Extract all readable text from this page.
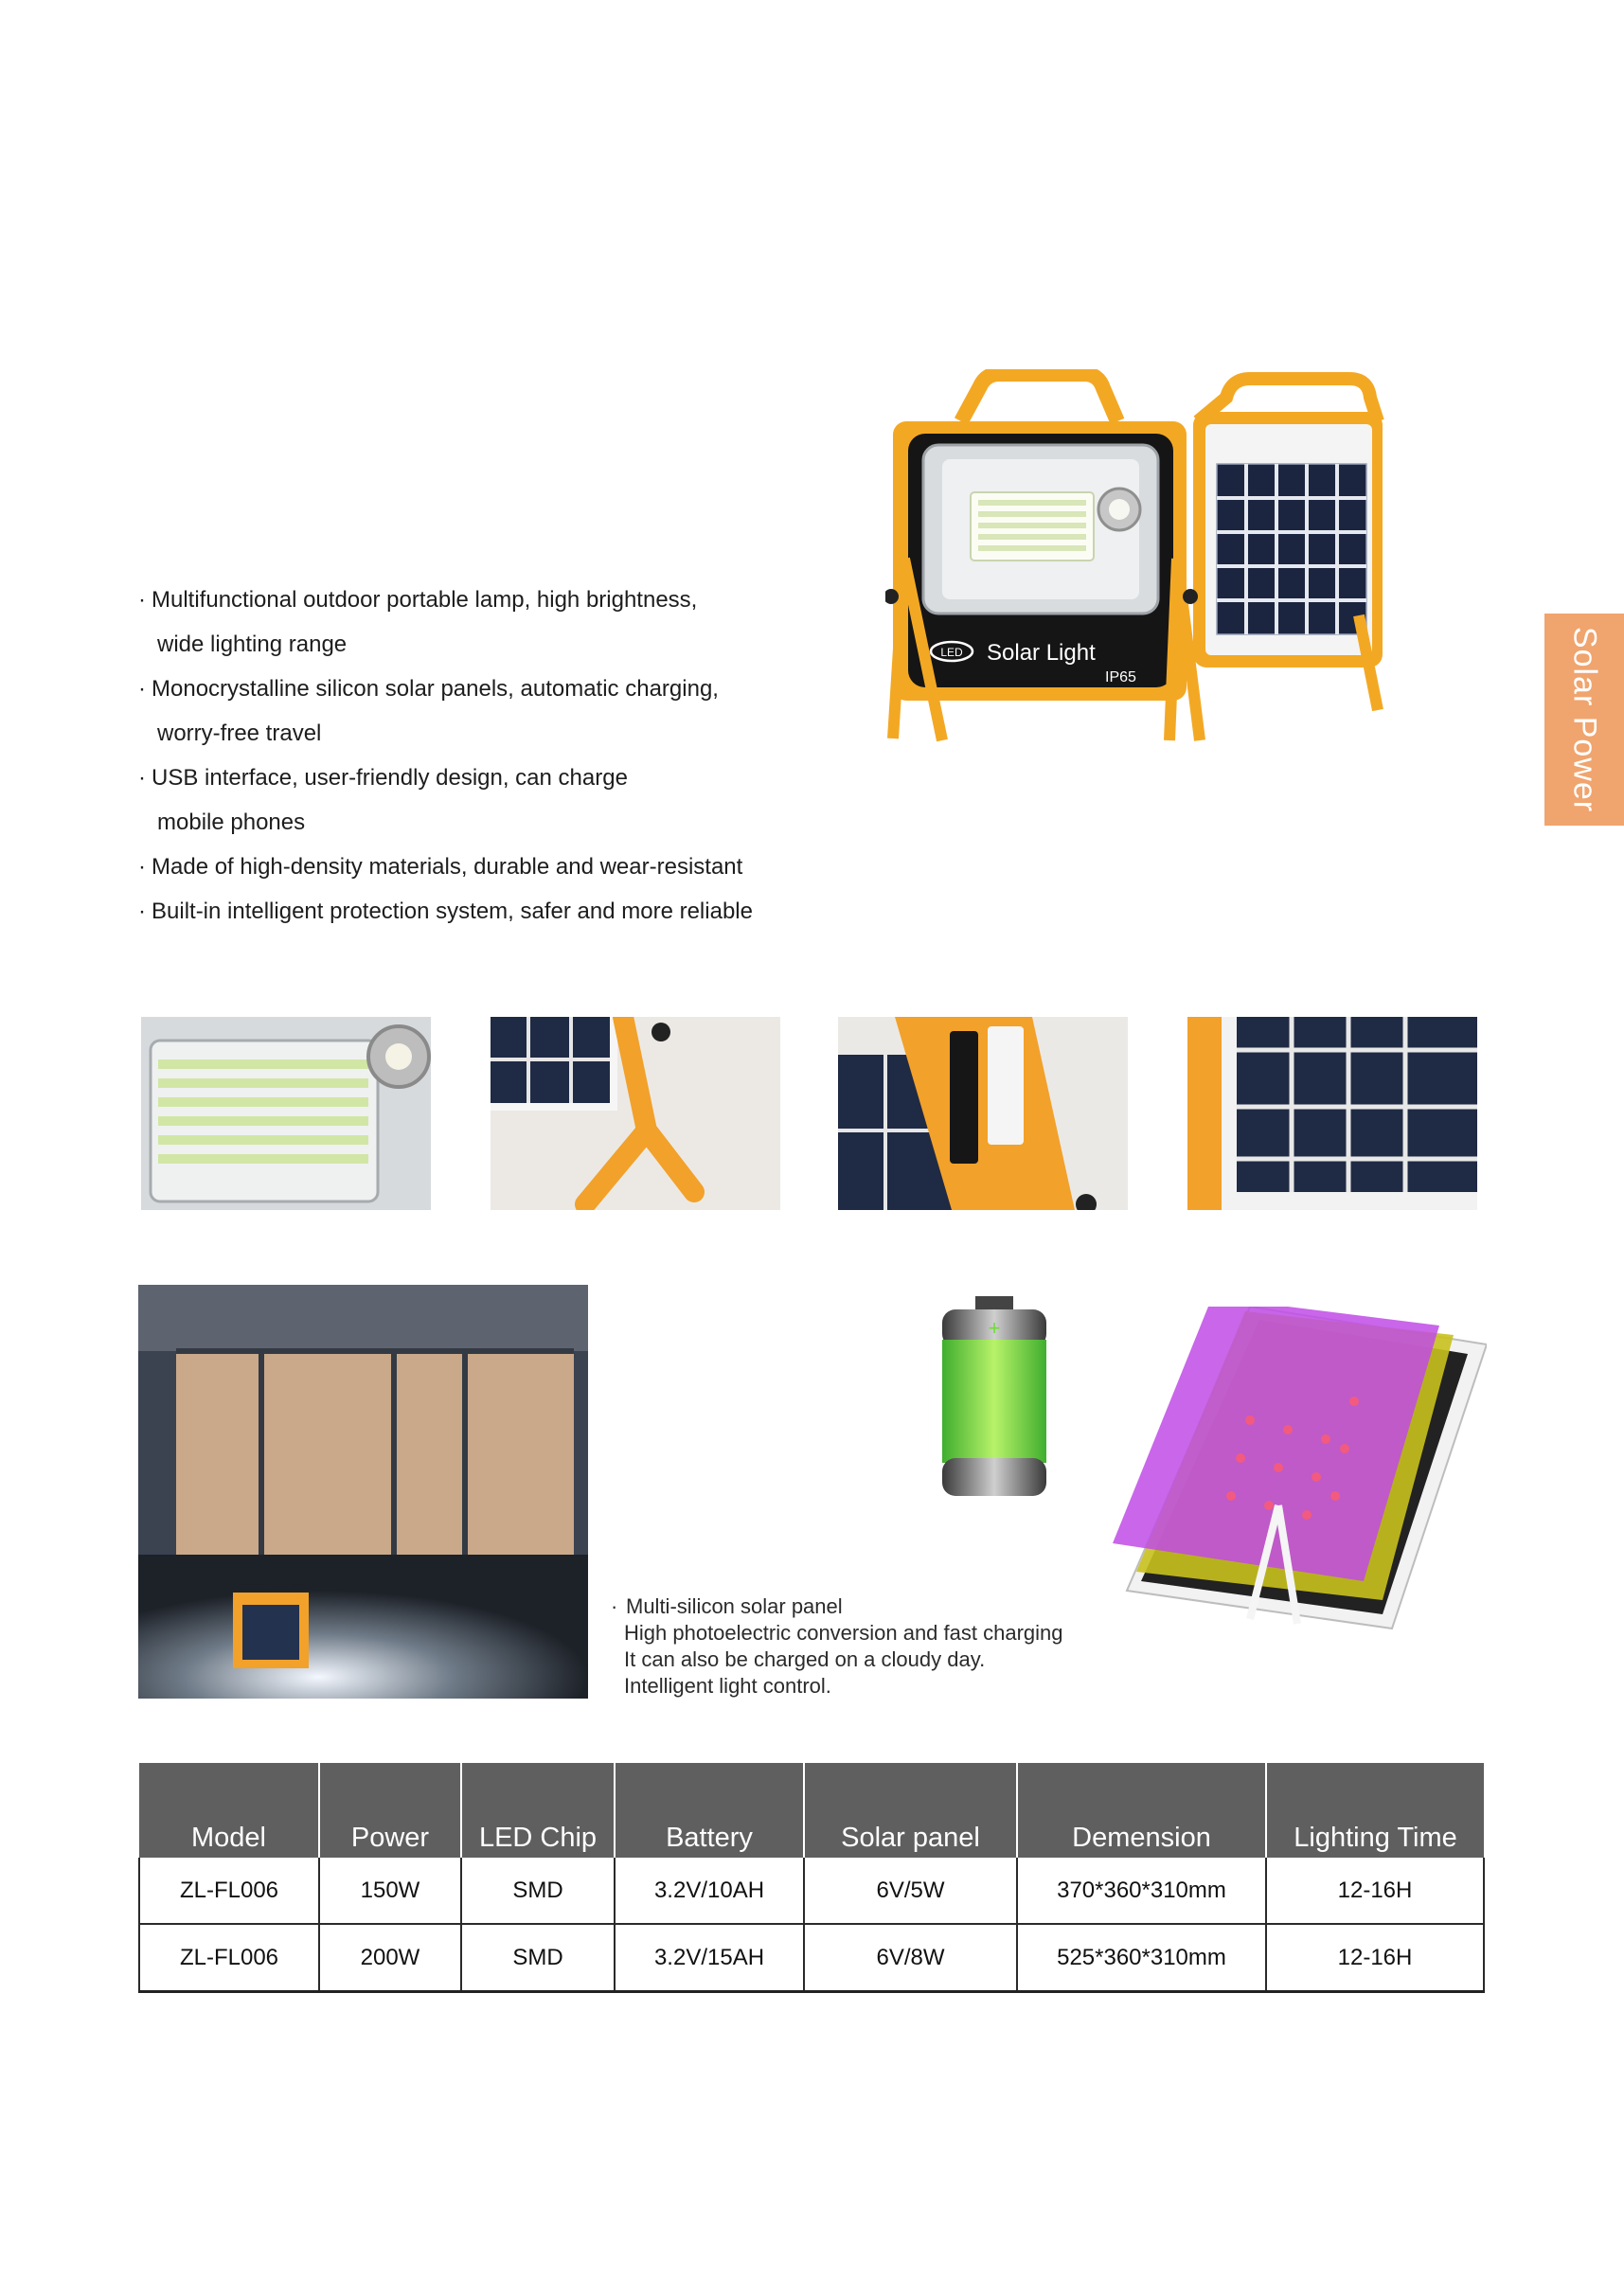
Solar Power
· Multifunctional outdoor portable lamp, high brightness,
wide lighting range
· Monocrystalline silicon solar panels, automatic charging,
worry-free travel
· USB interface, user-friendly design, can charge
mobile phones
· Made of high-density materials, durable and wear-resistant
· Built-in intelligent protection system, safer and more reliable
LED Solar Light
IP65
+
· Multi-silicon solar panel
High photoelectric conversion and fast charging
It can also be charged on a cloudy day.
Intelligent light control.
Model	Power	LED Chip	Battery	Solar panel	Demension	Lighting Time
ZL-FL006	150W	SMD	3.2V/10AH	6V/5W	370*360*310mm	12-16H
ZL-FL006	200W	SMD	3.2V/15AH	6V/8W	525*360*310mm	12-16H
